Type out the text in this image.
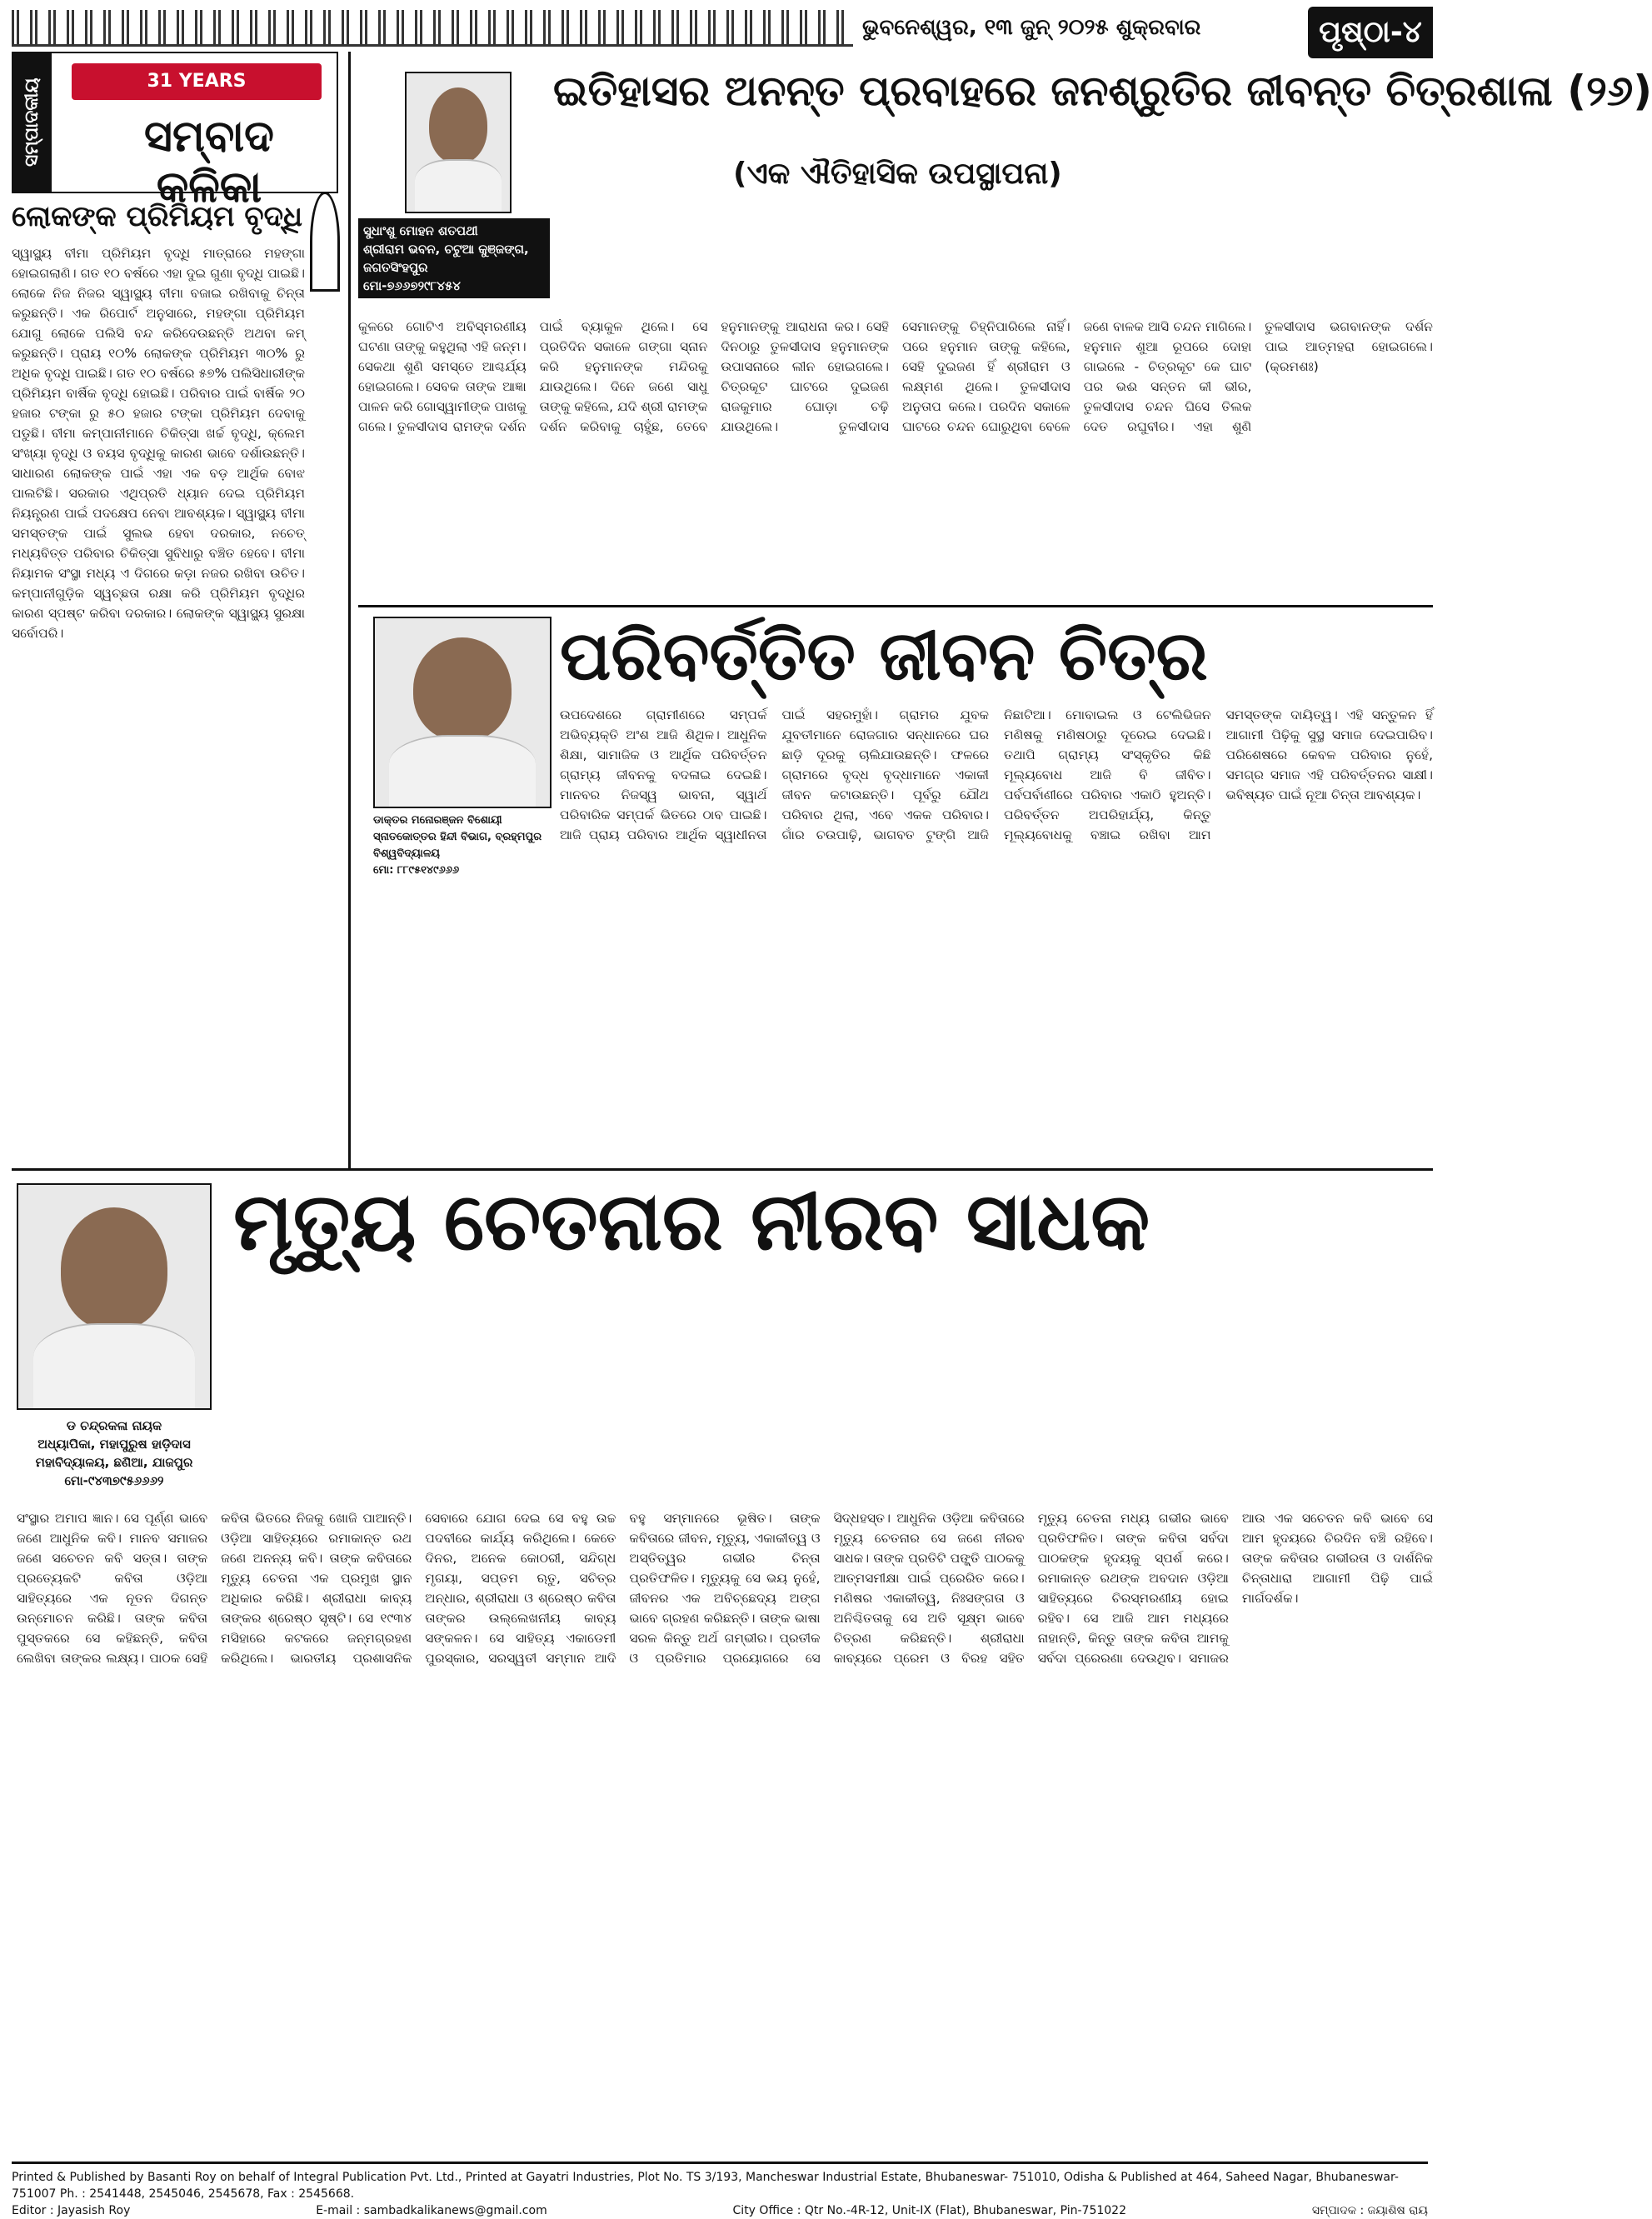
ଭୁବନେଶ୍ୱର, ୧୩ ଜୁନ୍ ୨୦୨୫ ଶୁକ୍ରବାର	ପୃଷ୍ଠା-୪
ସମ୍ପାଦକୀୟ	31 YEARS
ସମ୍ବାଦ କଳିକା
ଲୋକଙ୍କ ପ୍ରିମିୟମ ବୃଦ୍ଧି

ସ୍ୱାସ୍ଥ୍ୟ ବୀମା ପ୍ରିମିୟମ ବୃଦ୍ଧି ମାତ୍ରାରେ ମହଙ୍ଗା ହୋଇଗଲାଣି। ଗତ ୧୦ ବର୍ଷରେ ଏହା ଦୁଇ ଗୁଣା ବୃଦ୍ଧି ପାଇଛି। ଲୋକେ ନିଜ ନିଜର ସ୍ୱାସ୍ଥ୍ୟ ବୀମା ବଜାଇ ରଖିବାକୁ ଚିନ୍ତା କରୁଛନ୍ତି। ଏକ ରିପୋର୍ଟ ଅନୁସାରେ, ମହଙ୍ଗା ପ୍ରିମିୟମ ଯୋଗୁ ଲୋକେ ପଲିସି ବନ୍ଦ କରିଦେଉଛନ୍ତି ଅଥବା କମ୍ କରୁଛନ୍ତି। ପ୍ରାୟ ୧୦% ଲୋକଙ୍କ ପ୍ରିମିୟମ ୩୦% ରୁ ଅଧିକ ବୃଦ୍ଧି ପାଇଛି। ଗତ ୧୦ ବର୍ଷରେ ୫୭% ପଲିସିଧାରୀଙ୍କ ପ୍ରିମିୟମ ବାର୍ଷିକ ବୃଦ୍ଧି ହୋଇଛି। ପରିବାର ପାଇଁ ବାର୍ଷିକ ୨୦ ହଜାର ଟଙ୍କା ରୁ ୫୦ ହଜାର ଟଙ୍କା ପ୍ରିମିୟମ ଦେବାକୁ ପଡୁଛି। ବୀମା କମ୍ପାନୀମାନେ ଚିକିତ୍ସା ଖର୍ଚ୍ଚ ବୃଦ୍ଧି, କ୍ଲେମ ସଂଖ୍ୟା ବୃଦ୍ଧି ଓ ବୟସ ବୃଦ୍ଧିକୁ କାରଣ ଭାବେ ଦର୍ଶାଉଛନ୍ତି। ସାଧାରଣ ଲୋକଙ୍କ ପାଇଁ ଏହା ଏକ ବଡ଼ ଆର୍ଥିକ ବୋଝ ପାଲଟିଛି। ସରକାର ଏଥିପ୍ରତି ଧ୍ୟାନ ଦେଇ ପ୍ରିମିୟମ ନିୟନ୍ତ୍ରଣ ପାଇଁ ପଦକ୍ଷେପ ନେବା ଆବଶ୍ୟକ। ସ୍ୱାସ୍ଥ୍ୟ ବୀମା ସମସ୍ତଙ୍କ ପାଇଁ ସୁଲଭ ହେବା ଦରକାର, ନଚେତ୍ ମଧ୍ୟବିତ୍ତ ପରିବାର ଚିକିତ୍ସା ସୁବିଧାରୁ ବଞ୍ଚିତ ହେବେ। ବୀମା ନିୟାମକ ସଂସ୍ଥା ମଧ୍ୟ ଏ ଦିଗରେ କଡ଼ା ନଜର ରଖିବା ଉଚିତ। କମ୍ପାନୀଗୁଡ଼ିକ ସ୍ୱଚ୍ଛତା ରକ୍ଷା କରି ପ୍ରିମିୟମ ବୃଦ୍ଧିର କାରଣ ସ୍ପଷ୍ଟ କରିବା ଦରକାର। ଲୋକଙ୍କ ସ୍ୱାସ୍ଥ୍ୟ ସୁରକ୍ଷା ସର୍ବୋପରି।

ସୁଧାଂଶୁ ମୋହନ ଶତପଥୀ
ଶ୍ରୀରାମ ଭବନ, ଚଟୁଆ କୁଞ୍ଜଙ୍ଗ, ଜଗତସିଂହପୁର
ମୋ-୭୬୬୭୨୯୮୪୫୪
ଇତିହାସର ଅନନ୍ତ ପ୍ରବାହରେ ଜନଶ୍ରୁତିର ଜୀବନ୍ତ ଚିତ୍ରଶାଳା (୨୬)
(ଏକ ଐତିହାସିକ ଉପସ୍ଥାପନା)

କୁଳରେ ଗୋଟିଏ ଅବିସ୍ମରଣୀୟ ଘଟଣା ତାଙ୍କୁ କହୁଥିଲା ଏହି ଜନ୍ମ। ସେକଥା ଶୁଣି ସମସ୍ତେ ଆଶ୍ଚର୍ଯ୍ୟ ହୋଇଗଲେ। ସେବକ ତାଙ୍କ ଆଜ୍ଞା ପାଳନ କରି ଗୋସ୍ୱାମୀଙ୍କ ପାଖକୁ ଗଲେ। ତୁଳସୀଦାସ ରାମଙ୍କ ଦର୍ଶନ ପାଇଁ ବ୍ୟାକୁଳ ଥିଲେ। ସେ ପ୍ରତିଦିନ ସକାଳେ ଗଙ୍ଗା ସ୍ନାନ କରି ହନୁମାନଙ୍କ ମନ୍ଦିରକୁ ଯାଉଥିଲେ। ଦିନେ ଜଣେ ସାଧୁ ତାଙ୍କୁ କହିଲେ, ଯଦି ଶ୍ରୀ ରାମଙ୍କ ଦର୍ଶନ କରିବାକୁ ଚାହୁଁଛ, ତେବେ ହନୁମାନଙ୍କୁ ଆରାଧନା କର। ସେହି ଦିନଠାରୁ ତୁଳସୀଦାସ ହନୁମାନଙ୍କ ଉପାସନାରେ ଲୀନ ହୋଇଗଲେ। ଚିତ୍ରକୂଟ ଘାଟରେ ଦୁଇଜଣ ରାଜକୁମାର ଘୋଡ଼ା ଚଢ଼ି ଯାଉଥିଲେ। ତୁଳସୀଦାସ ସେମାନଙ୍କୁ ଚିହ୍ନିପାରିଲେ ନାହିଁ। ପରେ ହନୁମାନ ତାଙ୍କୁ କହିଲେ, ସେହି ଦୁଇଜଣ ହିଁ ଶ୍ରୀରାମ ଓ ଲକ୍ଷ୍ମଣ ଥିଲେ। ତୁଳସୀଦାସ ଅନୁତାପ କଲେ। ପରଦିନ ସକାଳେ ଘାଟରେ ଚନ୍ଦନ ଘୋରୁଥିବା ବେଳେ ଜଣେ ବାଳକ ଆସି ଚନ୍ଦନ ମାଗିଲେ। ହନୁମାନ ଶୁଆ ରୂପରେ ଦୋହା ଗାଇଲେ - ଚିତ୍ରକୂଟ କେ ଘାଟ ପର ଭଈ ସନ୍ତନ କୀ ଭୀର, ତୁଳସୀଦାସ ଚନ୍ଦନ ଘିସେ ତିଲକ ଦେତ ରଘୁବୀର। ଏହା ଶୁଣି ତୁଳସୀଦାସ ଭଗବାନଙ୍କ ଦର୍ଶନ ପାଇ ଆତ୍ମହରା ହୋଇଗଲେ। (କ୍ରମଶଃ)

ଡାକ୍ତର ମନୋରଞ୍ଜନ ବିଶୋୟୀ
ସ୍ନାତକୋତ୍ତର ହିନ୍ଦୀ ବିଭାଗ, ବ୍ରହ୍ମପୁର ବିଶ୍ୱବିଦ୍ୟାଳୟ
ମୋ: ୮୮୯୫୧୪୯୬୬୬
ପରିବର୍ତ୍ତିତ ଜୀବନ ଚିତ୍ର

ଉପଦେଶରେ ଗ୍ରାମୀଣରେ ସମ୍ପର୍କ ଅଭିବ୍ୟକ୍ତି ଅଂଶ ଆଜି ଶିଥିଳ। ଆଧୁନିକ ଶିକ୍ଷା, ସାମାଜିକ ଓ ଆର୍ଥିକ ପରିବର୍ତ୍ତନ ଗ୍ରାମ୍ୟ ଜୀବନକୁ ବଦଳାଇ ଦେଇଛି। ମାନବର ନିଜସ୍ୱ ଭାବନା, ସ୍ୱାର୍ଥ ପରିବାରିକ ସମ୍ପର୍କ ଭିତରେ ଠାବ ପାଇଛି। ଆଜି ପ୍ରାୟ ପରିବାର ଆର୍ଥିକ ସ୍ୱାଧୀନତା ପାଇଁ ସହରମୁହାଁ। ଗ୍ରାମର ଯୁବକ ଯୁବତୀମାନେ ରୋଜଗାର ସନ୍ଧାନରେ ଘର ଛାଡ଼ି ଦୂରକୁ ଚାଲିଯାଉଛନ୍ତି। ଫଳରେ ଗ୍ରାମରେ ବୃଦ୍ଧ ବୃଦ୍ଧାମାନେ ଏକାକୀ ଜୀବନ କଟାଉଛନ୍ତି। ପୂର୍ବରୁ ଯୌଥ ପରିବାର ଥିଲା, ଏବେ ଏକକ ପରିବାର। ଗାଁର ଚଉପାଢ଼ି, ଭାଗବତ ଟୁଙ୍ଗି ଆଜି ନିଛାଟିଆ। ମୋବାଇଲ ଓ ଟେଲିଭିଜନ ମଣିଷକୁ ମଣିଷଠାରୁ ଦୂରେଇ ଦେଇଛି। ତଥାପି ଗ୍ରାମ୍ୟ ସଂସ୍କୃତିର କିଛି ମୂଲ୍ୟବୋଧ ଆଜି ବି ଜୀବିତ। ପର୍ବପର୍ବାଣୀରେ ପରିବାର ଏକାଠି ହୁଅନ୍ତି। ପରିବର୍ତ୍ତନ ଅପରିହାର୍ଯ୍ୟ, କିନ୍ତୁ ମୂଲ୍ୟବୋଧକୁ ବଞ୍ଚାଇ ରଖିବା ଆମ ସମସ୍ତଙ୍କ ଦାୟିତ୍ୱ। ଏହି ସନ୍ତୁଳନ ହିଁ ଆଗାମୀ ପିଢ଼ିକୁ ସୁସ୍ଥ ସମାଜ ଦେଇପାରିବ। ପରିଶେଷରେ କେବଳ ପରିବାର ନୁହେଁ, ସମଗ୍ର ସମାଜ ଏହି ପରିବର୍ତ୍ତନର ସାକ୍ଷୀ। ଭବିଷ୍ୟତ ପାଇଁ ନୂଆ ଚିନ୍ତା ଆବଶ୍ୟକ।

ଡ ଚନ୍ଦ୍ରକଳା ନାୟକ
ଅଧ୍ୟାପିକା, ମହାପୁରୁଷ ହାଡ଼ିଦାସ ମହାବିଦ୍ୟାଳୟ, ଛଣିଆ, ଯାଜପୁର
ମୋ-୯୪୩୭୯୫୬୬୬୨
ମୃତ୍ୟୁ ଚେତନାର ନୀରବ ସାଧକ

ସଂସ୍ଥାର ଅମାପ ଜ୍ଞାନ। ସେ ପୂର୍ଣ୍ଣ ଭାବେ ଜଣେ ଆଧୁନିକ କବି। ମାନବ ସମାଜର ଜଣେ ସଚେତନ କବି ସତ୍ତା। ତାଙ୍କ ପ୍ରତ୍ୟେକଟି କବିତା ଓଡ଼ିଆ ସାହିତ୍ୟରେ ଏକ ନୂତନ ଦିଗନ୍ତ ଉନ୍ମୋଚନ କରିଛି। ତାଙ୍କ କବିତା ପୁସ୍ତକରେ ସେ କହିଛନ୍ତି, କବିତା ଲେଖିବା ତାଙ୍କର ଲକ୍ଷ୍ୟ। ପାଠକ ସେହି କବିତା ଭିତରେ ନିଜକୁ ଖୋଜି ପାଆନ୍ତି। ଓଡ଼ିଆ ସାହିତ୍ୟରେ ରମାକାନ୍ତ ରଥ ଜଣେ ଅନନ୍ୟ କବି। ତାଙ୍କ କବିତାରେ ମୃତ୍ୟୁ ଚେତନା ଏକ ପ୍ରମୁଖ ସ୍ଥାନ ଅଧିକାର କରିଛି। ଶ୍ରୀରାଧା କାବ୍ୟ ତାଙ୍କର ଶ୍ରେଷ୍ଠ ସୃଷ୍ଟି। ସେ ୧୯୩୪ ମସିହାରେ କଟକରେ ଜନ୍ମଗ୍ରହଣ କରିଥିଲେ। ଭାରତୀୟ ପ୍ରଶାସନିକ ସେବାରେ ଯୋଗ ଦେଇ ସେ ବହୁ ଉଚ୍ଚ ପଦବୀରେ କାର୍ଯ୍ୟ କରିଥିଲେ। କେତେ ଦିନର, ଅନେକ କୋଠରୀ, ସନ୍ଦିଗ୍ଧ ମୃଗୟା, ସପ୍ତମ ଋତୁ, ସଚିତ୍ର ଅନ୍ଧାର, ଶ୍ରୀରାଧା ଓ ଶ୍ରେଷ୍ଠ କବିତା ତାଙ୍କର ଉଲ୍ଲେଖନୀୟ କାବ୍ୟ ସଙ୍କଳନ। ସେ ସାହିତ୍ୟ ଏକାଡେମୀ ପୁରସ୍କାର, ସରସ୍ୱତୀ ସମ୍ମାନ ଆଦି ବହୁ ସମ୍ମାନରେ ଭୂଷିତ। ତାଙ୍କ କବିତାରେ ଜୀବନ, ମୃତ୍ୟୁ, ଏକାକୀତ୍ୱ ଓ ଅସ୍ତିତ୍ୱର ଗଭୀର ଚିନ୍ତା ପ୍ରତିଫଳିତ। ମୃତ୍ୟୁକୁ ସେ ଭୟ ନୁହେଁ, ଜୀବନର ଏକ ଅବିଚ୍ଛେଦ୍ୟ ଅଙ୍ଗ ଭାବେ ଗ୍ରହଣ କରିଛନ୍ତି। ତାଙ୍କ ଭାଷା ସରଳ କିନ୍ତୁ ଅର୍ଥ ଗମ୍ଭୀର। ପ୍ରତୀକ ଓ ପ୍ରତିମାର ପ୍ରୟୋଗରେ ସେ ସିଦ୍ଧହସ୍ତ। ଆଧୁନିକ ଓଡ଼ିଆ କବିତାରେ ମୃତ୍ୟୁ ଚେତନାର ସେ ଜଣେ ନୀରବ ସାଧକ। ତାଙ୍କ ପ୍ରତିଟି ପଙ୍କ୍ତି ପାଠକକୁ ଆତ୍ମସମୀକ୍ଷା ପାଇଁ ପ୍ରେରିତ କରେ। ମଣିଷର ଏକାକୀତ୍ୱ, ନିଃସଙ୍ଗତା ଓ ଅନିଶ୍ଚିତତାକୁ ସେ ଅତି ସୂକ୍ଷ୍ମ ଭାବେ ଚିତ୍ରଣ କରିଛନ୍ତି। ଶ୍ରୀରାଧା କାବ୍ୟରେ ପ୍ରେମ ଓ ବିରହ ସହିତ ମୃତ୍ୟୁ ଚେତନା ମଧ୍ୟ ଗଭୀର ଭାବେ ପ୍ରତିଫଳିତ। ତାଙ୍କ କବିତା ସର୍ବଦା ପାଠକଙ୍କ ହୃଦୟକୁ ସ୍ପର୍ଶ କରେ। ରମାକାନ୍ତ ରଥଙ୍କ ଅବଦାନ ଓଡ଼ିଆ ସାହିତ୍ୟରେ ଚିରସ୍ମରଣୀୟ ହୋଇ ରହିବ। ସେ ଆଜି ଆମ ମଧ୍ୟରେ ନାହାନ୍ତି, କିନ୍ତୁ ତାଙ୍କ କବିତା ଆମକୁ ସର୍ବଦା ପ୍ରେରଣା ଦେଉଥିବ। ସମାଜର ଆଉ ଏକ ସଚେତନ କବି ଭାବେ ସେ ଆମ ହୃଦୟରେ ଚିରଦିନ ବଞ୍ଚି ରହିବେ। ତାଙ୍କ କବିତାର ଗଭୀରତା ଓ ଦାର୍ଶନିକ ଚିନ୍ତାଧାରା ଆଗାମୀ ପିଢ଼ି ପାଇଁ ମାର୍ଗଦର୍ଶକ।

Printed & Published by Basanti Roy on behalf of Integral Publication Pvt. Ltd., Printed at Gayatri Industries, Plot No. TS 3/193, Mancheswar Industrial Estate, Bhubaneswar- 751010, Odisha & Published at 464, Saheed Nagar, Bhubaneswar- 751007 Ph. : 2541448, 2545046, 2545678, Fax : 2545668.
Editor : Jayasish Roy	E-mail : sambadkalikanews@gmail.com	City Office : Qtr No.-4R-12, Unit-IX (Flat), Bhubaneswar, Pin-751022	ସମ୍ପାଦକ : ଜୟାଶିଷ ରାୟ
